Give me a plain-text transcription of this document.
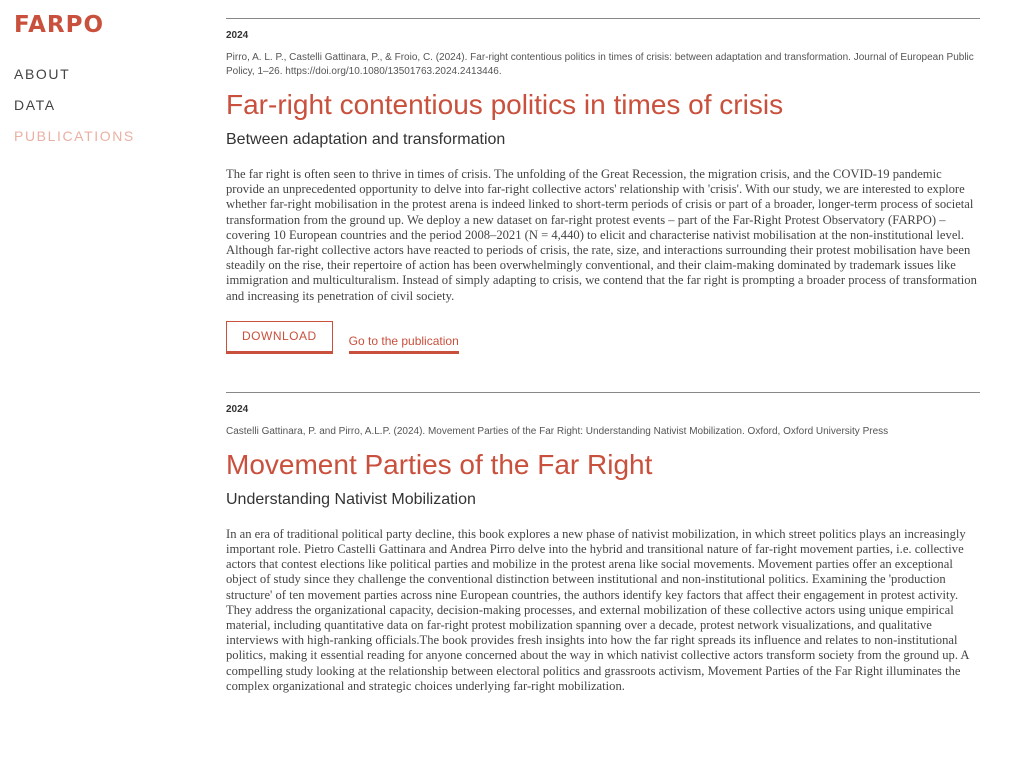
FARPO
ABOUT
DATA
PUBLICATIONS
2024
Pirro, A. L. P., Castelli Gattinara, P., & Froio, C. (2024). Far-right contentious politics in times of crisis: between adaptation and transformation. Journal of European Public Policy, 1–26. https://doi.org/10.1080/13501763.2024.2413446.
Far-right contentious politics in times of crisis
Between adaptation and transformation
The far right is often seen to thrive in times of crisis. The unfolding of the Great Recession, the migration crisis, and the COVID-19 pandemic provide an unprecedented opportunity to delve into far-right collective actors' relationship with 'crisis'. With our study, we are interested to explore whether far-right mobilisation in the protest arena is indeed linked to short-term periods of crisis or part of a broader, longer-term process of societal transformation from the ground up. We deploy a new dataset on far-right protest events – part of the Far-Right Protest Observatory (FARPO) – covering 10 European countries and the period 2008–2021 (N = 4,440) to elicit and characterise nativist mobilisation at the non-institutional level. Although far-right collective actors have reacted to periods of crisis, the rate, size, and interactions surrounding their protest mobilisation have been steadily on the rise, their repertoire of action has been overwhelmingly conventional, and their claim-making dominated by trademark issues like immigration and multiculturalism. Instead of simply adapting to crisis, we contend that the far right is prompting a broader process of transformation and increasing its penetration of civil society.
DOWNLOAD	Go to the publication
2024
Castelli Gattinara, P. and Pirro, A.L.P. (2024). Movement Parties of the Far Right: Understanding Nativist Mobilization. Oxford, Oxford University Press
Movement Parties of the Far Right
Understanding Nativist Mobilization
In an era of traditional political party decline, this book explores a new phase of nativist mobilization, in which street politics plays an increasingly important role. Pietro Castelli Gattinara and Andrea Pirro delve into the hybrid and transitional nature of far-right movement parties, i.e. collective actors that contest elections like political parties and mobilize in the protest arena like social movements. Movement parties offer an exceptional object of study since they challenge the conventional distinction between institutional and non-institutional politics. Examining the 'production structure' of ten movement parties across nine European countries, the authors identify key factors that affect their engagement in protest activity. They address the organizational capacity, decision-making processes, and external mobilization of these collective actors using unique empirical material, including quantitative data on far-right protest mobilization spanning over a decade, protest network visualizations, and qualitative interviews with high-ranking officials.The book provides fresh insights into how the far right spreads its influence and relates to non-institutional politics, making it essential reading for anyone concerned about the way in which nativist collective actors transform society from the ground up. A compelling study looking at the relationship between electoral politics and grassroots activism, Movement Parties of the Far Right illuminates the complex organizational and strategic choices underlying far-right mobilization.
